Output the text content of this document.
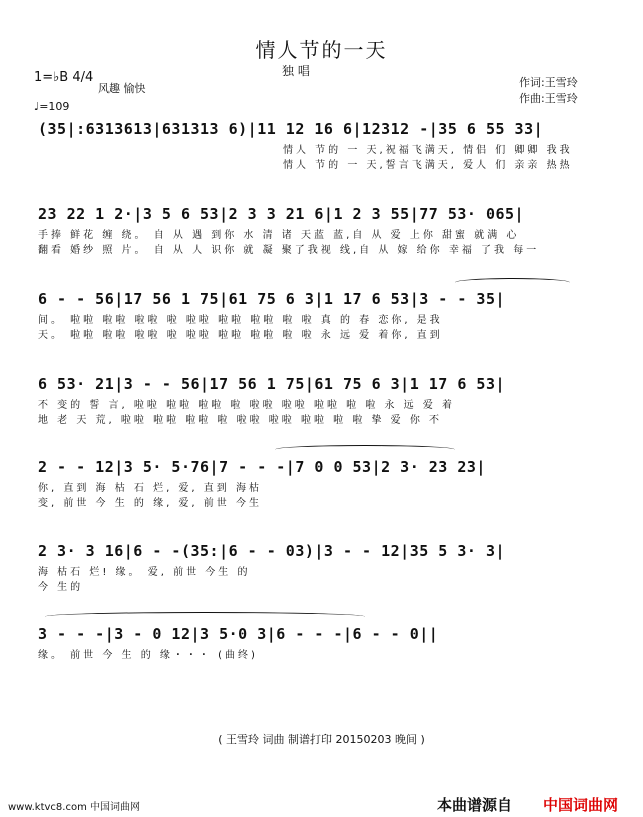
情人节的一天
独 唱
1=♭B 4/4
风趣 愉快
♩=109
作词:王雪玲
作曲:王雪玲
(35|:6313613|631313 6)|11 12 16 6|12312 -|35 6 55 33|
情人 节的 一 天,祝福飞满天, 情侣 们 卿卿 我我
情人 节的 一 天,誓言飞满天, 爱人 们 亲亲 热热
23 22 1 2·|3 5 6 53|2 3 3 21 6|1 2 3 55|77 53· 065|
手捧 鲜花 缠 绕。 自 从 遇 到你 水 清 诸 天蓝 蓝,自 从 爱 上你 甜蜜 就满 心
翻看 婚纱 照 片。 自 从 人 识你 就 凝 聚了我视 线,自 从 嫁 给你 幸福 了我 每一
6 - - 56|17 56 1 75|61 75 6 3|1 17 6 53|3 - - 35|
间。 啦啦 啦啦 啦啦 啦 啦啦 啦啦 啦啦 啦 啦 真 的 春 恋你, 是我
天。 啦啦 啦啦 啦啦 啦 啦啦 啦啦 啦啦 啦 啦 永 远 爱 着你, 直到
6 53· 21|3 - - 56|17 56 1 75|61 75 6 3|1 17 6 53|
不 变的 誓 言, 啦啦 啦啦 啦啦 啦 啦啦 啦啦 啦啦 啦 啦 永 远 爱 着
地 老 天 荒, 啦啦 啦啦 啦啦 啦 啦啦 啦啦 啦啦 啦 啦 挚 爱 你 不
2 - - 12|3 5· 5·76|7 - - -|7 0 0 53|2 3· 23 23|
你, 直到 海 枯 石 烂, 爱, 直到 海枯
变, 前世 今 生 的 缘, 爱, 前世 今生
2 3· 3 16|6 - -(35:|6 - - 03)|3 - - 12|35 5 3· 3|
海 枯石 烂! 缘。 爱, 前世 今生 的
今 生的
3 - - -|3 - 0 12|3 5·0 3|6 - - -|6 - - 0||
缘。 前世 今 生 的 缘・・・ (曲终)
( 王雪玲 词曲 制谱打印 20150203 晚间 )
www.ktvc8.com 中国词曲网	本曲谱源自 中国词曲网
